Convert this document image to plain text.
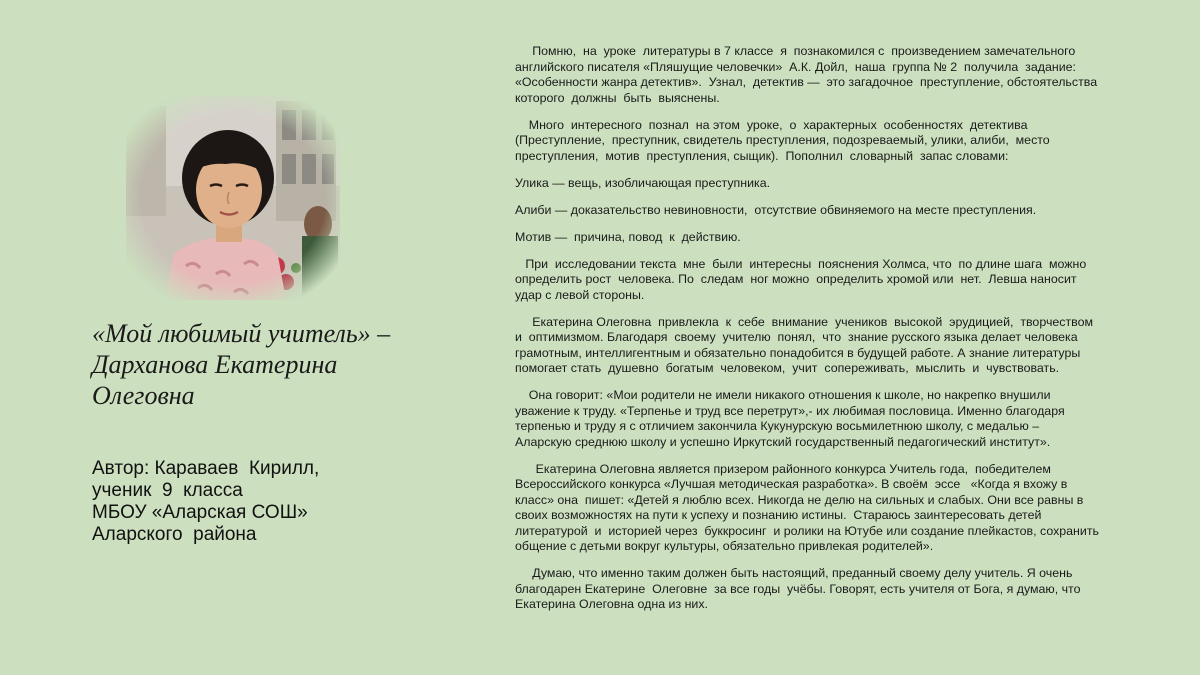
«Мой любимый учитель» –
Дарханова Екатерина
Олеговна
Автор: Караваев  Кирилл,
ученик  9  класса
МБОУ «Аларская СОШ»
Аларского  района

Помню,  на  уроке  литературы в 7 классе  я  познакомился с  произведением замечательного
английского писателя «Пляшущие человечки»  А.К. Дойл,  наша  группа № 2  получила  задание:
«Особенности жанра детектив».  Узнал,  детектив —  это загадочное  преступление, обстоятельства
которого  должны  быть  выяснены.

Много  интересного  познал  на этом  уроке,  о  характерных  особенностях  детектива
(Преступление,  преступник, свидетель преступления, подозреваемый, улики, алиби,  место
преступления,  мотив  преступления, сыщик).  Пополнил  словарный  запас словами:

Улика — вещь, изобличающая преступника.

Алиби — доказательство невиновности,  отсутствие обвиняемого на месте преступления.

Мотив —  причина, повод  к  действию.

При  исследовании текста  мне  были  интересны  пояснения Холмса, что  по длине шага  можно
определить рост  человека. По  следам  ног можно  определить хромой или  нет.  Левша наносит
удар с левой стороны.

Екатерина Олеговна  привлекла  к  себе  внимание  учеников  высокой  эрудицией,  творчеством
и  оптимизмом. Благодаря  своему  учителю  понял,  что  знание русского языка делает человека
грамотным, интеллигентным и обязательно понадобится в будущей работе. А знание литературы
помогает стать  душевно  богатым  человеком,  учит  сопереживать,  мыслить  и  чувствовать.

Она говорит: «Мои родители не имели никакого отношения к школе, но накрепко внушили
уважение к труду. «Терпенье и труд все перетрут»,- их любимая пословица. Именно благодаря
терпенью и труду я с отличием закончила Кукунурскую восьмилетнюю школу, с медалью –
Аларскую среднюю школу и успешно Иркутский государственный педагогический институт».

Екатерина Олеговна является призером районного конкурса Учитель года,  победителем
Всероссийского конкурса «Лучшая методическая разработка». В своём  эссе   «Когда я вхожу в
класс» она  пишет: «Детей я люблю всех. Никогда не делю на сильных и слабых. Они все равны в
своих возможностях на пути к успеху и познанию истины.  Стараюсь заинтересовать детей
литературой  и  историей через  буккросинг  и ролики на Ютубе или создание плейкастов, сохранить
общение с детьми вокруг культуры, обязательно привлекая родителей».

Думаю, что именно таким должен быть настоящий, преданный своему делу учитель. Я очень
благодарен Екатерине  Олеговне  за все годы  учёбы. Говорят, есть учителя от Бога, я думаю, что
Екатерина Олеговна одна из них.
